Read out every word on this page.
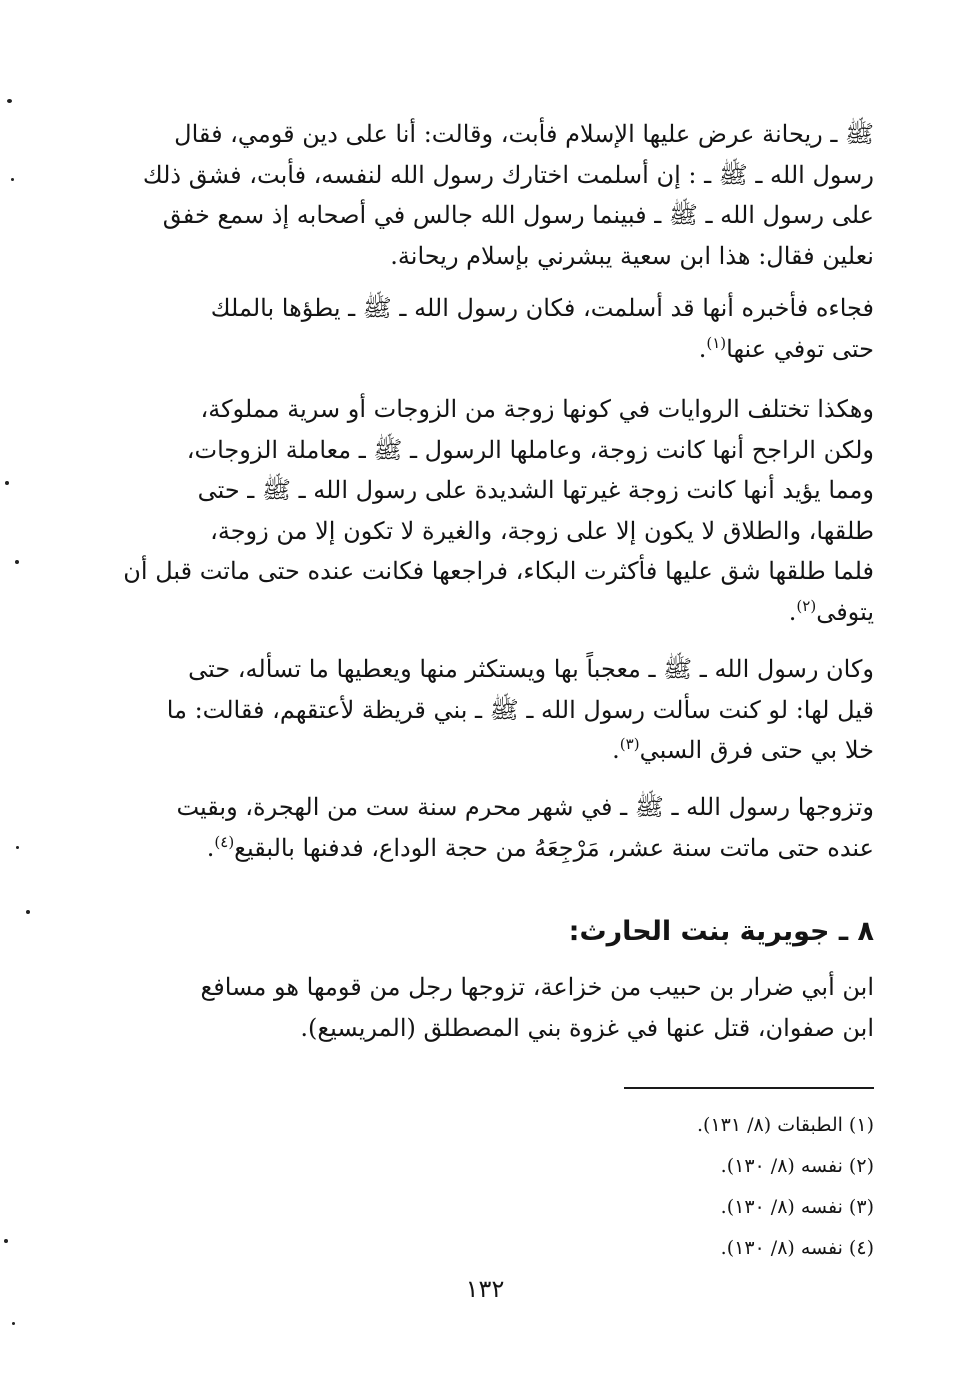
ﷺ ـ ريحانة عرض عليها الإسلام فأبت، وقالت: أنا على دين قومي، فقال
رسول الله ـ ﷺ ـ : إن أسلمت اختارك رسول الله لنفسه، فأبت، فشق ذلك
على رسول الله ـ ﷺ ـ فبينما رسول الله جالس في أصحابه إذ سمع خفق
نعلين فقال: هذا ابن سعية يبشرني بإسلام ريحانة.
فجاءه فأخبره أنها قد أسلمت، فكان رسول الله ـ ﷺ ـ يطؤها بالملك
حتى توفي عنها$^{(١)}$.
وهكذا تختلف الروايات في كونها زوجة من الزوجات أو سرية مملوكة،
ولكن الراجح أنها كانت زوجة، وعاملها الرسول ـ ﷺ ـ معاملة الزوجات،
ومما يؤيد أنها كانت زوجة غيرتها الشديدة على رسول الله ـ ﷺ ـ حتى
طلقها، والطلاق لا يكون إلا على زوجة، والغيرة لا تكون إلا من زوجة،
فلما طلقها شق عليها فأكثرت البكاء، فراجعها فكانت عنده حتى ماتت قبل أن
يتوفى$^{(٢)}$.
وكان رسول الله ـ ﷺ ـ معجباً بها ويستكثر منها ويعطيها ما تسأله، حتى
قيل لها: لو كنت سألت رسول الله ـ ﷺ ـ بني قريظة لأعتقهم، فقالت: ما
خلا بي حتى فرق السبي$^{(٣)}$.
وتزوجها رسول الله ـ ﷺ ـ في شهر محرم سنة ست من الهجرة، وبقيت
عنده حتى ماتت سنة عشر، مَرْجِعَهُ من حجة الوداع، فدفنها بالبقيع$^{(٤)}$.
٨ ـ جويرية بنت الحارث:
ابن أبي ضرار بن حبيب من خزاعة، تزوجها رجل من قومها هو مسافع
ابن صفوان، قتل عنها في غزوة بني المصطلق (المريسيع).
(١) الطبقات (٨/ ١٣١).
(٢) نفسه (٨/ ١٣٠).
(٣) نفسه (٨/ ١٣٠).
(٤) نفسه (٨/ ١٣٠).
١٣٢
